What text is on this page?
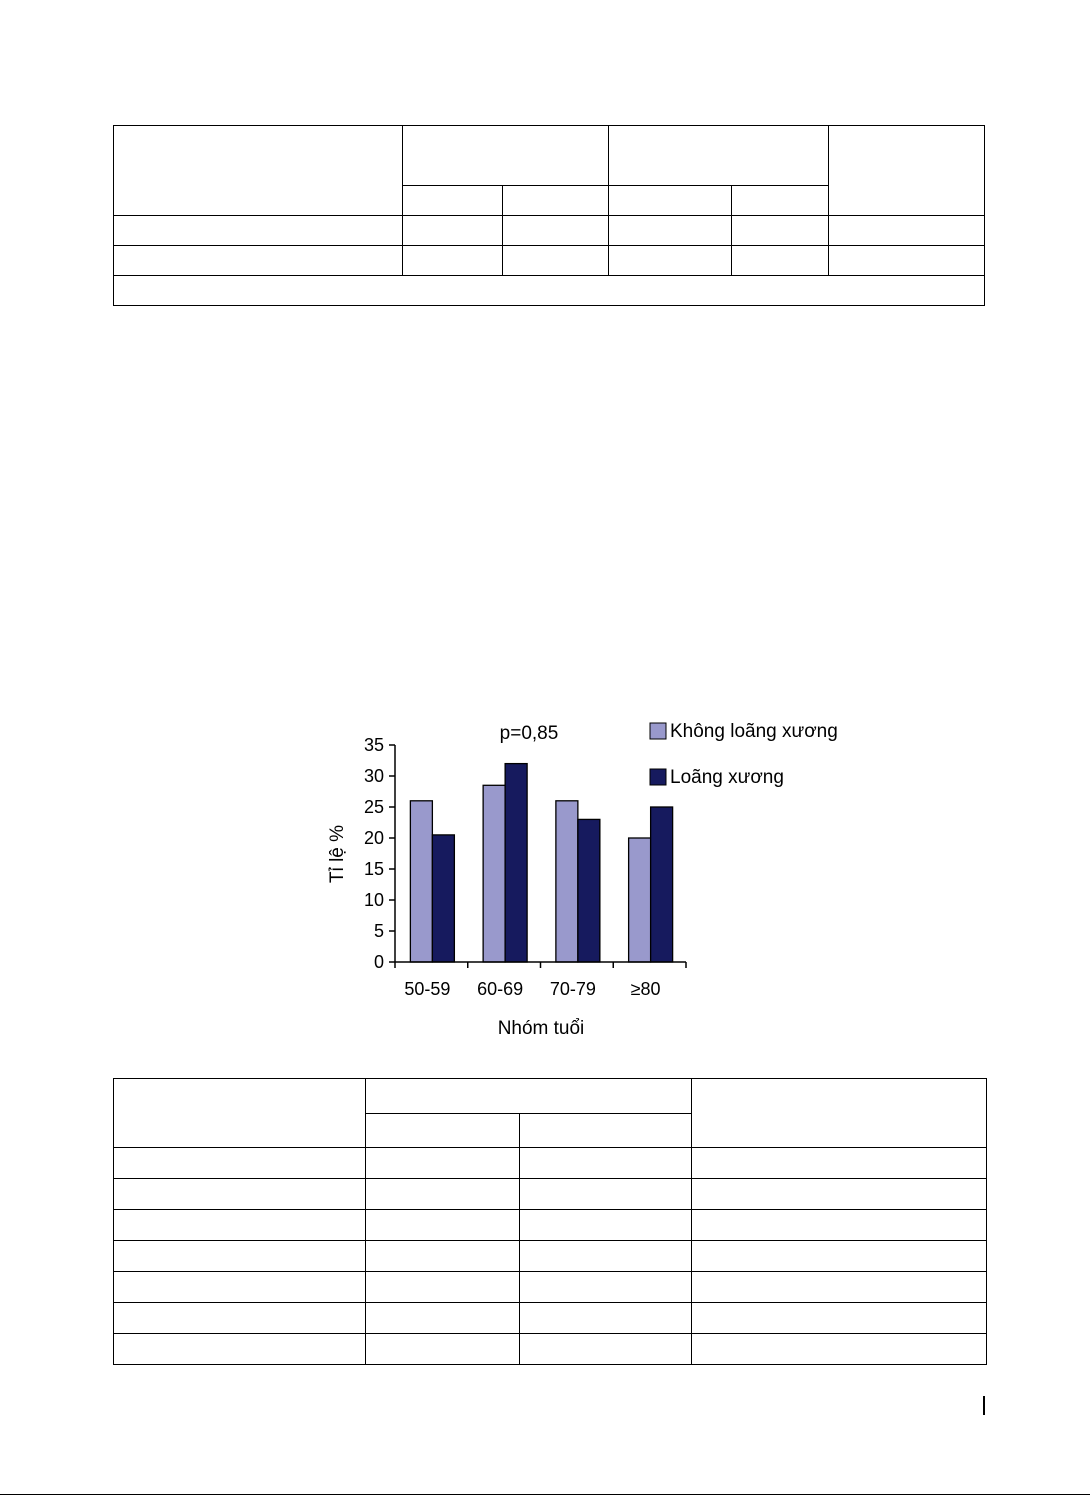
0
5
10
15
20
25
30
35
50-59 60-69 70-79 ≥80
p=0,85
Nhóm tuổi
Tỉ lệ %
Không loãng xương
Loãng xương
